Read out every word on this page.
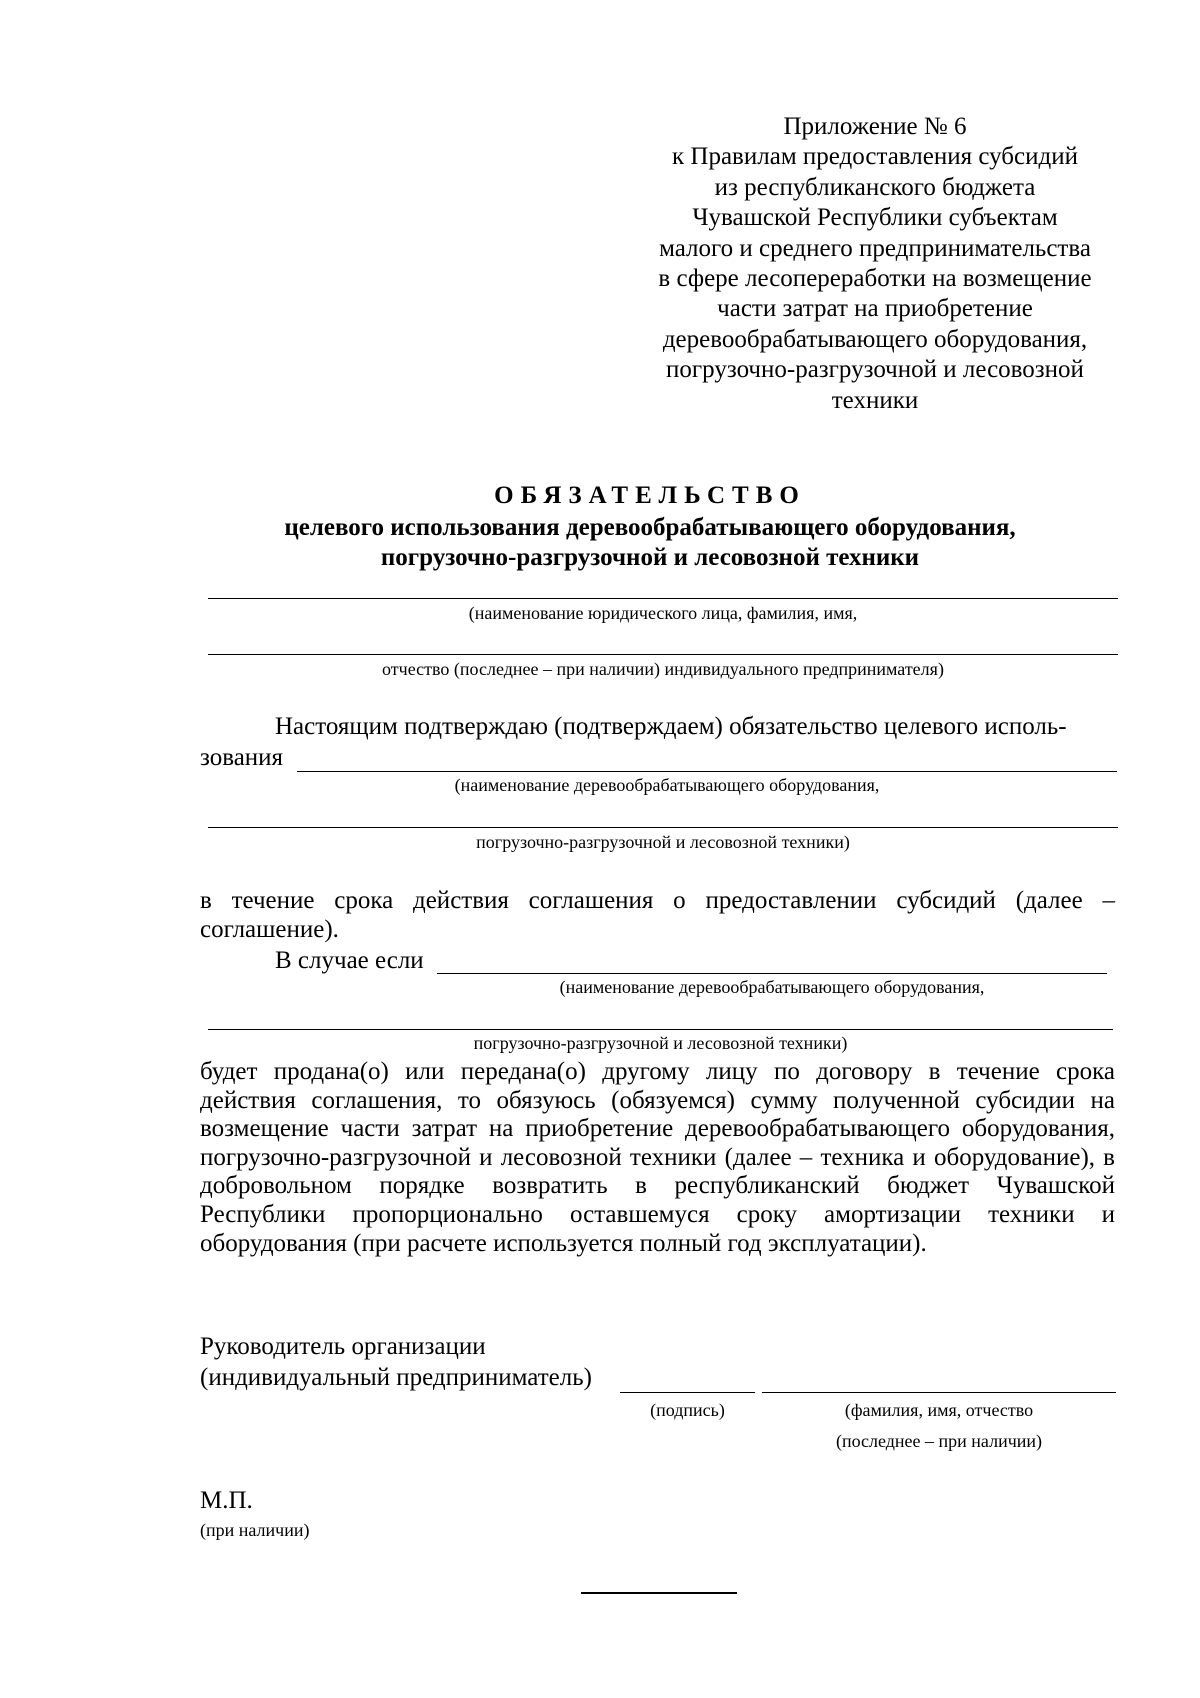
Приложение № 6
к Правилам предоставления субсидий
из республиканского бюджета
Чувашской Республики субъектам
малого и среднего предпринимательства
в сфере лесопереработки на возмещение
части затрат на приобретение
деревообрабатывающего оборудования,
погрузочно-разгрузочной и лесовозной
техники
ОБЯЗАТЕЛЬСТВО
целевого использования деревообрабатывающего оборудования,
погрузочно-разгрузочной и лесовозной техники
(наименование юридического лица, фамилия, имя,
отчество (последнее – при наличии) индивидуального предпринимателя)
Настоящим подтверждаю (подтверждаем) обязательство целевого исполь-
зования
(наименование деревообрабатывающего оборудования,
погрузочно-разгрузочной и лесовозной техники)
в течение срока действия соглашения о предоставлении субсидий (далее – соглашение).
В случае если
(наименование деревообрабатывающего оборудования,
погрузочно-разгрузочной и лесовозной техники)
будет продана(о) или передана(о) другому лицу по договору в течение срока действия соглашения, то обязуюсь (обязуемся) сумму полученной субсидии на возмещение части затрат на приобретение деревообрабатывающего оборудования, погрузочно-разгрузочной и лесовозной техники (далее – техника и оборудование), в добровольном порядке возвратить в республиканский бюджет Чувашской Республики пропорционально оставшемуся сроку амортизации техники и оборудования (при расчете используется полный год эксплуатации).
Руководитель организации
(индивидуальный предприниматель)
(подпись)	(фамилия, имя, отчество
(последнее – при наличии)
М.П.
(при наличии)
